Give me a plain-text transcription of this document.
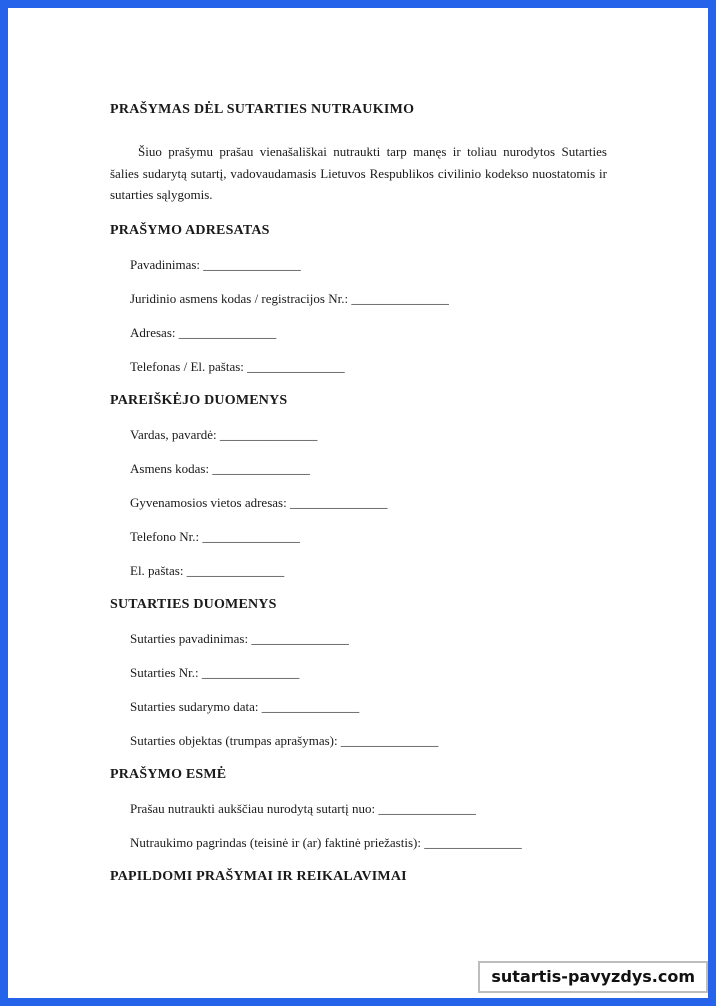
PRAŠYMAS DĖL SUTARTIES NUTRAUKIMO

Šiuo prašymu prašau vienašališkai nutraukti tarp manęs ir toliau nurodytos Sutarties šalies sudarytą sutartį, vadovaudamasis Lietuvos Respublikos civilinio kodekso nuostatomis ir sutarties sąlygomis.

PRAŠYMO ADRESATAS
Pavadinimas: _______________
Juridinio asmens kodas / registracijos Nr.: _______________
Adresas: _______________
Telefonas / El. paštas: _______________
PAREIŠKĖJO DUOMENYS
Vardas, pavardė: _______________
Asmens kodas: _______________
Gyvenamosios vietos adresas: _______________
Telefono Nr.: _______________
El. paštas: _______________
SUTARTIES DUOMENYS
Sutarties pavadinimas: _______________
Sutarties Nr.: _______________
Sutarties sudarymo data: _______________
Sutarties objektas (trumpas aprašymas): _______________
PRAŠYMO ESMĖ
Prašau nutraukti aukščiau nurodytą sutartį nuo: _______________
Nutraukimo pagrindas (teisinė ir (ar) faktinė priežastis): _______________
PAPILDOMI PRAŠYMAI IR REIKALAVIMAI
sutartis-pavyzdys.com
